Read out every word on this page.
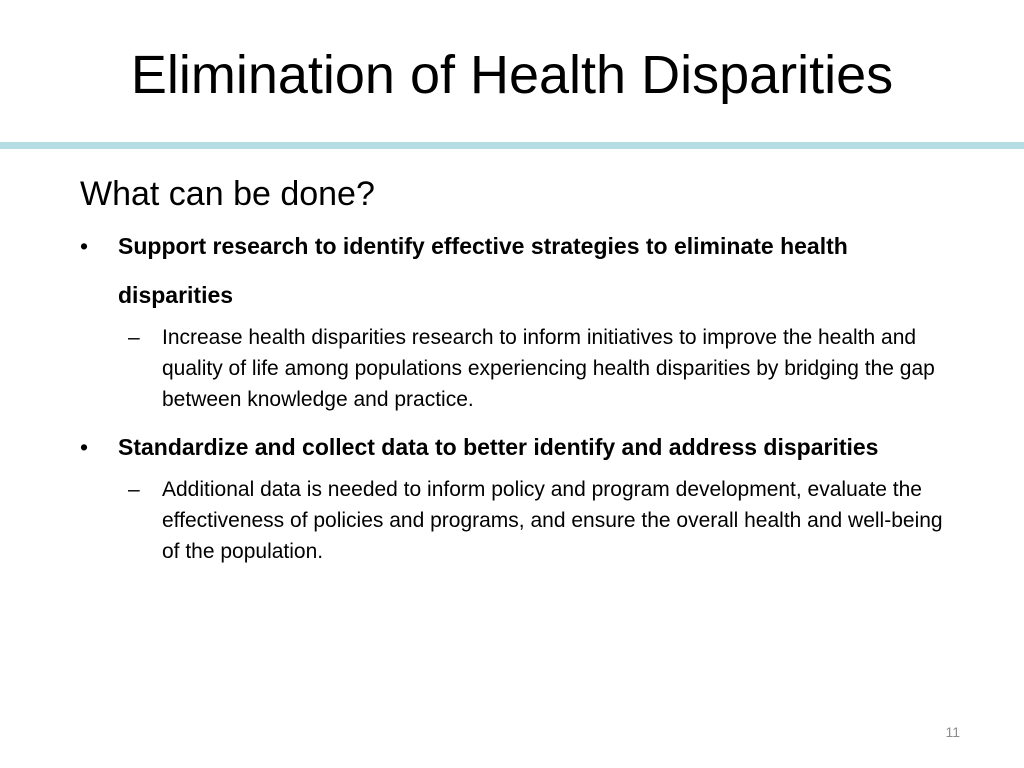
Elimination of Health Disparities
What can be done?
• Support research to identify effective strategies to eliminate health disparities
– Increase health disparities research to inform initiatives to improve the health and quality of life among populations experiencing health disparities by bridging the gap between knowledge and practice.
• Standardize and collect data to better identify and address disparities
– Additional data is needed to inform policy and program development, evaluate the effectiveness of policies and programs, and ensure the overall health and well-being of the population.
11
